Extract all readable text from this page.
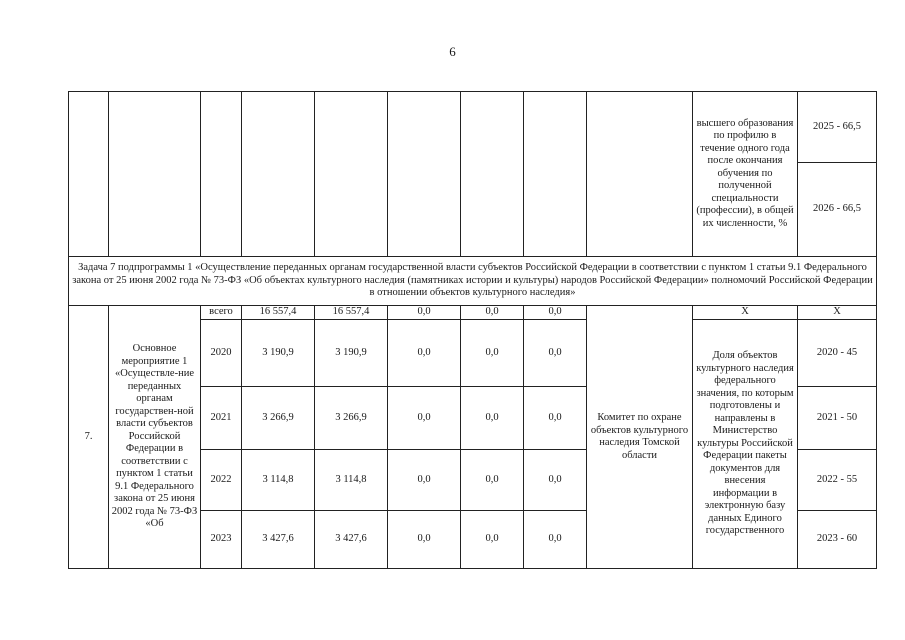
6
									высшего образования по профилю в течение одного года после окончания обучения по полученной специальности (профессии), в общей их численности, %	2025 - 66,5
										2026 - 66,5
Задача 7 подпрограммы 1 «Осуществление переданных органам государственной власти субъектов Российской Федерации в соответствии с пунктом 1 статьи 9.1 Федерального закона от 25 июня 2002 года № 73-ФЗ «Об объектах культурного наследия (памятниках истории и культуры) народов Российской Федерации» полномочий Российской Федерации в отношении объектов культурного наследия»										
7.	Основное мероприятие 1 «Осуществле-ние переданных органам государствен-ной власти субъектов Российской Федерации в соответствии с пунктом 1 статьи 9.1 Федерального закона от 25 июня 2002 года № 73-ФЗ «Об	всего	16 557,4	16 557,4	0,0	0,0	0,0	Комитет по охране объектов культурного наследия Томской области	Х	Х
		2020	3 190,9	3 190,9	0,0	0,0	0,0		Доля объектов культурного наследия федерального значения, по которым подготовлены и направлены в Министерство культуры Российской Федерации пакеты документов для внесения информации в электронную базу данных Единого государственного	2020 - 45
		2021	3 266,9	3 266,9	0,0	0,0	0,0			2021 - 50
		2022	3 114,8	3 114,8	0,0	0,0	0,0			2022 - 55
		2023	3 427,6	3 427,6	0,0	0,0	0,0			2023 - 60
